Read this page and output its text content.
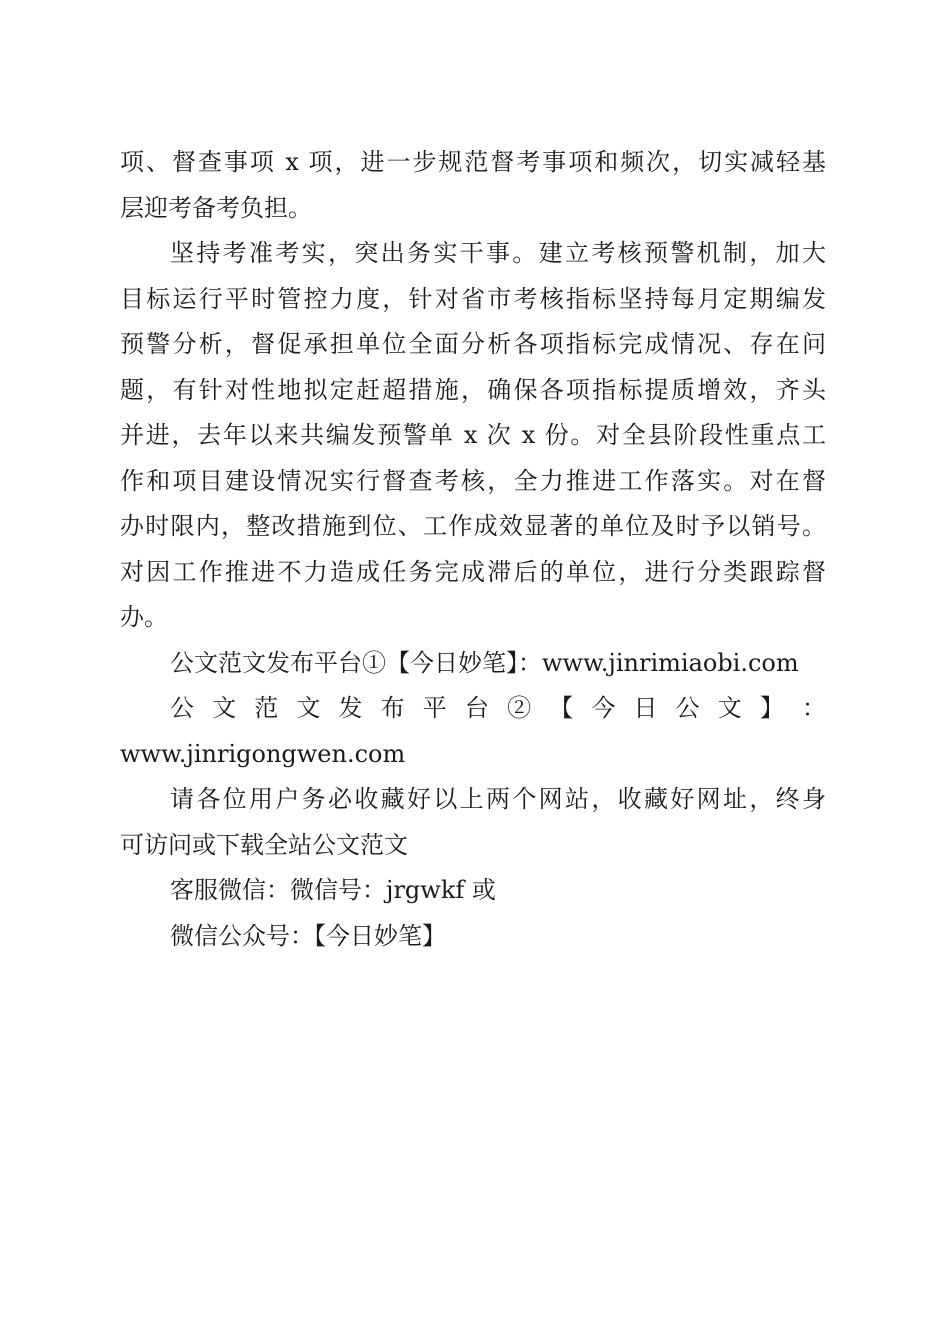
项、督查事项 x 项，进一步规范督考事项和频次，切实减轻基
层迎考备考负担。
坚持考准考实，突出务实干事。建立考核预警机制，加大
目标运行平时管控力度，针对省市考核指标坚持每月定期编发
预警分析，督促承担单位全面分析各项指标完成情况、存在问
题，有针对性地拟定赶超措施，确保各项指标提质增效，齐头
并进，去年以来共编发预警单 x 次 x 份。对全县阶段性重点工
作和项目建设情况实行督查考核，全力推进工作落实。对在督
办时限内，整改措施到位、工作成效显著的单位及时予以销号。
对因工作推进不力造成任务完成滞后的单位，进行分类跟踪督
办。
公文范文发布平台①【今日妙笔】：www.jinrimiaobi.com
公 文 范 文 发 布 平 台 ② 【 今 日 公 文 】 ：
www.jinrigongwen.com
请各位用户务必收藏好以上两个网站，收藏好网址，终身
可访问或下载全站公文范文
客服微信：微信号：jrgwkf 或
微信公众号：【今日妙笔】
